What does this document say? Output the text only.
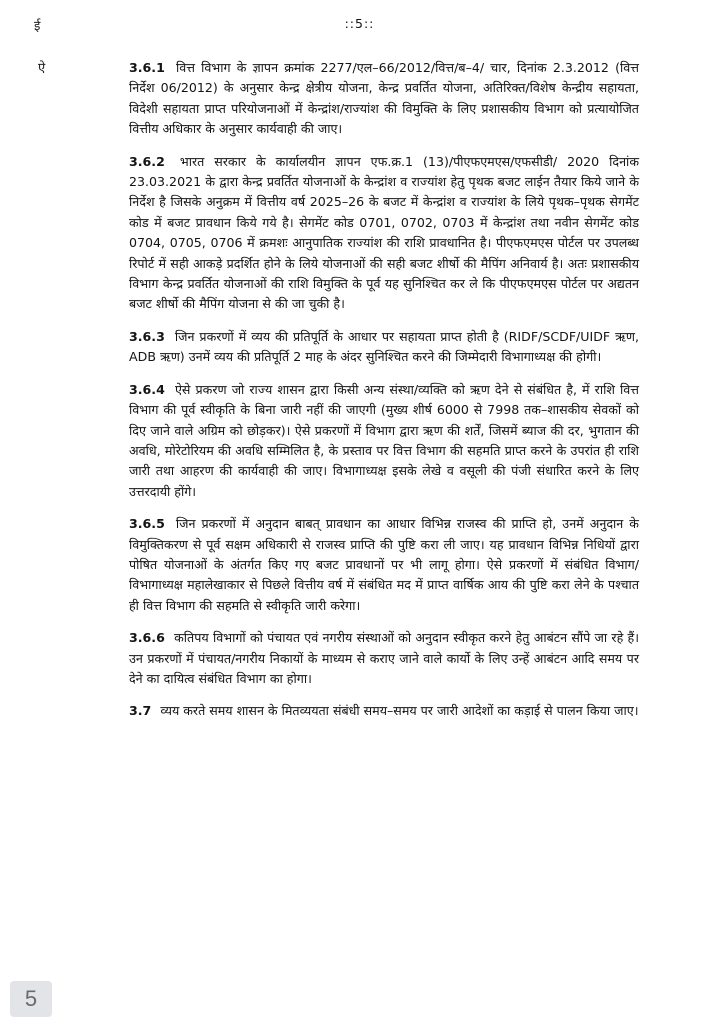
::5::
ई
ऐ	3.6.1 वित्त विभाग के ज्ञापन क्रमांक 2277/एल–66/2012/वित्त/ब–4/ चार, दिनांक 2.3.2012 (वित्त निर्देश 06/2012) के अनुसार केन्द्र क्षेत्रीय योजना, केन्द्र प्रवर्तित योजना, अतिरिक्त/विशेष केन्द्रीय सहायता, विदेशी सहायता प्राप्त परियोजनाओं में केन्द्रांश/राज्यांश की विमुक्ति के लिए प्रशासकीय विभाग को प्रत्यायोजित वित्तीय अधिकार के अनुसार कार्यवाही की जाए।

3.6.2 भारत सरकार के कार्यालयीन ज्ञापन एफ.क्र.1 (13)/पीएफएमएस/एफसीडी/ 2020 दिनांक 23.03.2021 के द्वारा केन्द्र प्रवर्तित योजनाओं के केन्द्रांश व राज्यांश हेतु पृथक बजट लाईन तैयार किये जाने के निर्देश है जिसके अनुक्रम में वित्तीय वर्ष 2025–26 के बजट में केन्द्रांश व राज्यांश के लिये पृथक–पृथक सेगमेंट कोड में बजट प्रावधान किये गये है। सेगमेंट कोड 0701, 0702, 0703 में केन्द्रांश तथा नवीन सेगमेंट कोड 0704, 0705, 0706 में क्रमशः आनुपातिक राज्यांश की राशि प्रावधानित है। पीएफएमएस पोर्टल पर उपलब्ध रिपोर्ट में सही आकड़े प्रदर्शित होने के लिये योजनाओं की सही बजट शीर्षो की मैपिंग अनिवार्य है। अतः प्रशासकीय विभाग केन्द्र प्रवर्तित योजनाओं की राशि विमुक्ति के पूर्व यह सुनिश्चित कर ले कि पीएफएमएस पोर्टल पर अद्यतन बजट शीर्षो की मैपिंग योजना से की जा चुकी है।

3.6.3 जिन प्रकरणों में व्यय की प्रतिपूर्ति के आधार पर सहायता प्राप्त होती है (RIDF/SCDF/UIDF ऋण, ADB ऋण) उनमें व्यय की प्रतिपूर्ति 2 माह के अंदर सुनिश्चित करने की जिम्मेदारी विभागाध्यक्ष की होगी।

3.6.4 ऐसे प्रकरण जो राज्य शासन द्वारा किसी अन्य संस्था/व्यक्ति को ऋण देने से संबंधित है, में राशि वित्त विभाग की पूर्व स्वीकृति के बिना जारी नहीं की जाएगी (मुख्य शीर्ष 6000 से 7998 तक–शासकीय सेवकों को दिए जाने वाले अग्रिम को छोड़कर)। ऐसे प्रकरणों में विभाग द्वारा ऋण की शर्तें, जिसमें ब्याज की दर, भुगतान की अवधि, मोरेटोरियम की अवधि सम्मिलित है, के प्रस्ताव पर वित्त विभाग की सहमति प्राप्त करने के उपरांत ही राशि जारी तथा आहरण की कार्यवाही की जाए। विभागाध्यक्ष इसके लेखे व वसूली की पंजी संधारित करने के लिए उत्तरदायी होंगे।

3.6.5 जिन प्रकरणों में अनुदान बाबत् प्रावधान का आधार विभिन्न राजस्व की प्राप्ति हो, उनमें अनुदान के विमुक्तिकरण से पूर्व सक्षम अधिकारी से राजस्व प्राप्ति की पुष्टि करा ली जाए। यह प्रावधान विभिन्न निधियों द्वारा पोषित योजनाओं के अंतर्गत किए गए बजट प्रावधानों पर भी लागू होगा। ऐसे प्रकरणों में संबंधित विभाग/विभागाध्यक्ष महालेखाकार से पिछले वित्तीय वर्ष में संबंधित मद में प्राप्त वार्षिक आय की पुष्टि करा लेने के पश्चात ही वित्त विभाग की सहमति से स्वीकृति जारी करेगा।

3.6.6 कतिपय विभागों को पंचायत एवं नगरीय संस्थाओं को अनुदान स्वीकृत करने हेतु आबंटन सौंपे जा रहे हैं। उन प्रकरणों में पंचायत/नगरीय निकायों के माध्यम से कराए जाने वाले कार्यो के लिए उन्हें आबंटन आदि समय पर देने का दायित्व संबंधित विभाग का होगा।

3.7 व्यय करते समय शासन के मितव्ययता संबंधी समय–समय पर जारी आदेशों का कड़ाई से पालन किया जाए।

5
